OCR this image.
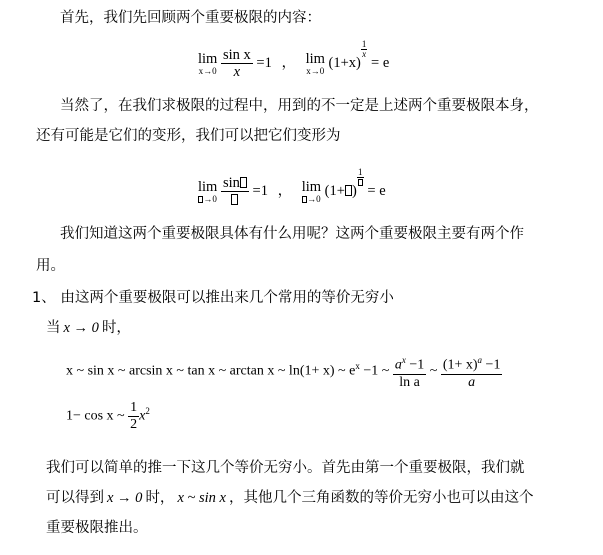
首先，我们先回顾两个重要极限的内容：
lim
x→0
$\frac{\text{sin x}}{x} =1$ ， lim
x→0 (1+x)
$\frac{1}{x}$
= e
当然了，在我们求极限的过程中，用到的不一定是上述两个重要极限本身，
还有可能是它们的变形，我们可以把它们变形为
lim
→0

sin =1 ， lim
→0 (1+ )
1
= e
我们知道这两个重要极限具体有什么用呢？这两个重要极限主要有两个作
用。
1、 由这两个重要极限可以推出来几个常用的等价无穷小
当 x → 0 时，
x ~ sin x ~ arcsin x ~ tan x ~ arctan x ~ ln(1+ x) ~ $e^x -1$ ~ $\frac{a^x -1}{\text{ln a}}$ ~ $\frac{(1+ x)^a -1}{a}$
1− cos x ~ $\frac{1}{2} x^2$
我们可以简单的推一下这几个等价无穷小。首先由第一个重要极限，我们就
可以得到 x → 0 时， x ~ sin x ，其他几个三角函数的等价无穷小也可以由这个
重要极限推出。
